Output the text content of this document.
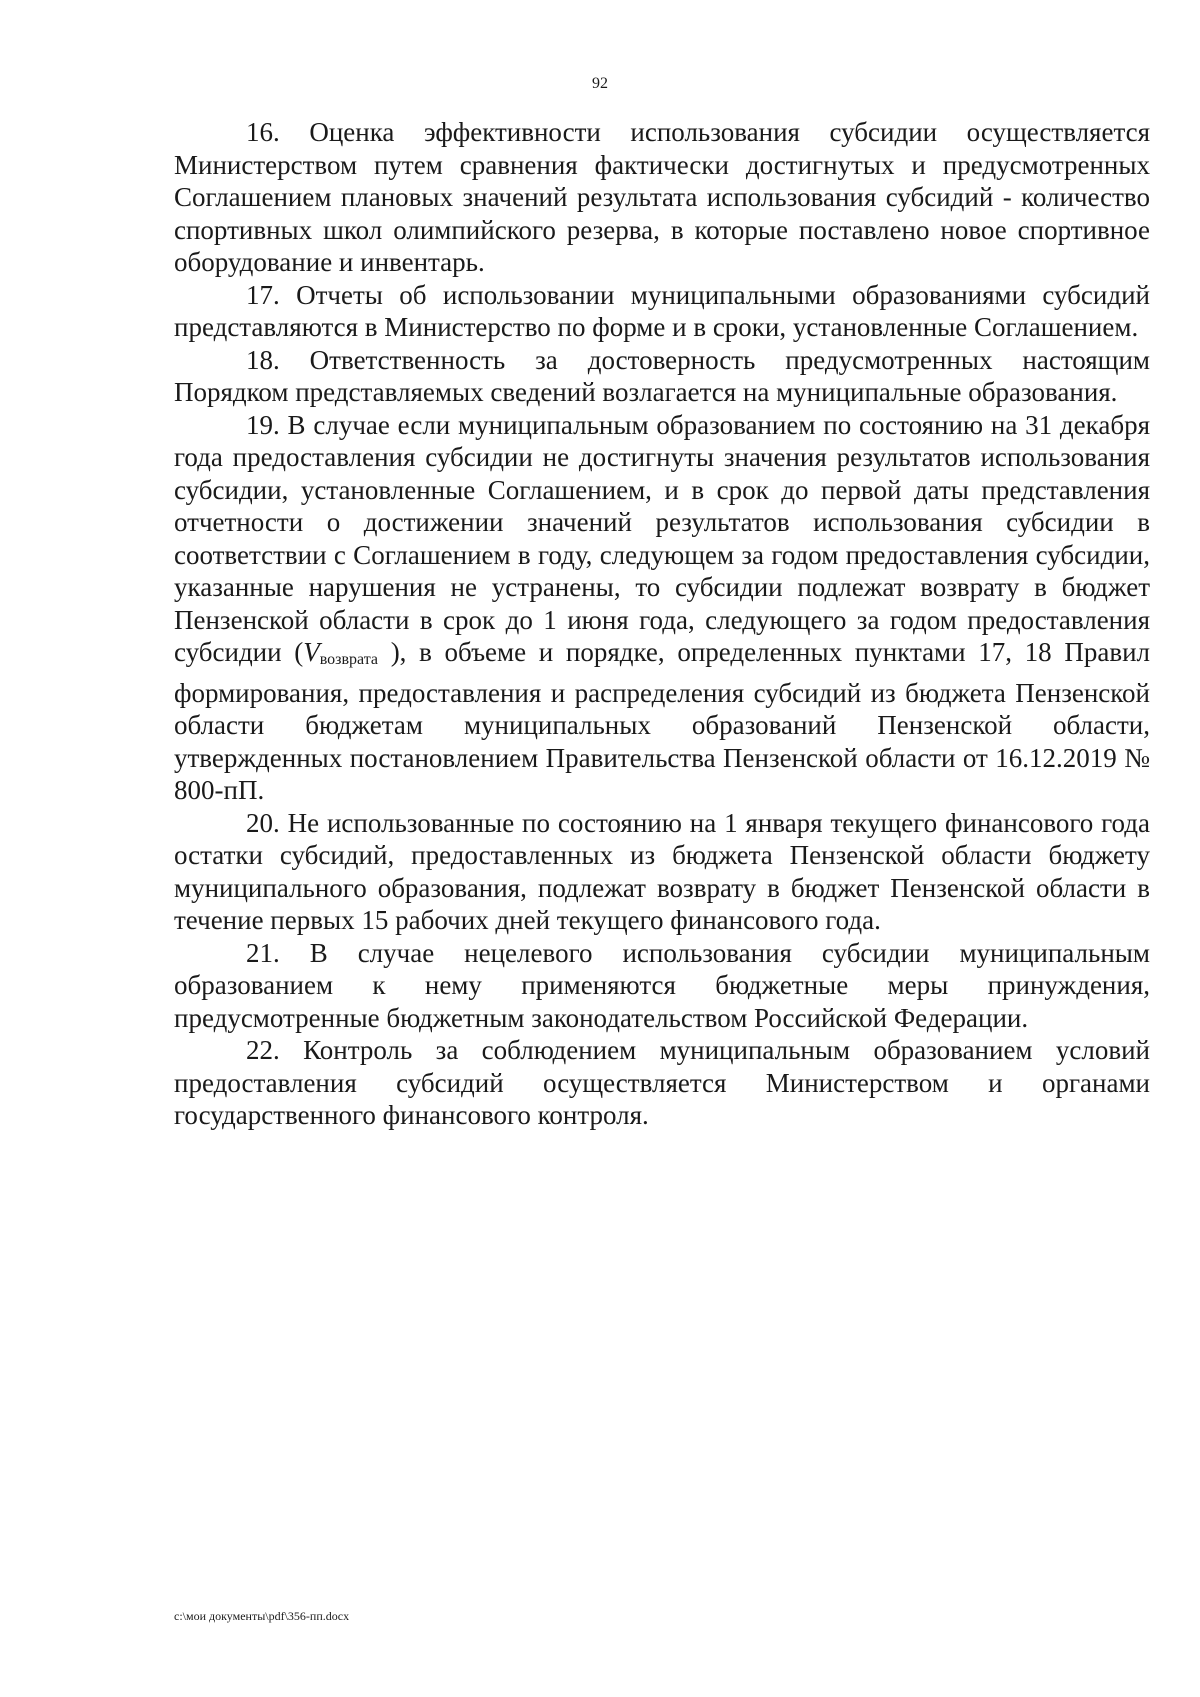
92

16. Оценка эффективности использования субсидии осуществляется Министерством путем сравнения фактически достигнутых и предусмотренных Соглашением плановых значений результата использования субсидий - количество спортивных школ олимпийского резерва, в которые поставлено новое спортивное оборудование и инвентарь.

17. Отчеты об использовании муниципальными образованиями субсидий представляются в Министерство по форме и в сроки, установленные Соглашением.

18. Ответственность за достоверность предусмотренных настоящим Порядком представляемых сведений возлагается на муниципальные образования.

19. В случае если муниципальным образованием по состоянию на 31 декабря года предоставления субсидии не достигнуты значения результатов использования субсидии, установленные Соглашением, и в срок до первой даты представления отчетности о достижении значений результатов использования субсидии в соответствии с Соглашением в году, следующем за годом предоставления субсидии, указанные нарушения не устранены, то субсидии подлежат возврату в бюджет Пензенской области в срок до 1 июня года, следующего за годом предоставления субсидии (Vвозврата ), в объеме и порядке, определенных пунктами 17, 18 Правил формирования, предоставления и распределения субсидий из бюджета Пензенской области бюджетам муниципальных образований Пензенской области, утвержденных постановлением Правительства Пензенской области от 16.12.2019 № 800-пП.

20. Не использованные по состоянию на 1 января текущего финансового года остатки субсидий, предоставленных из бюджета Пензенской области бюджету муниципального образования, подлежат возврату в бюджет Пензенской области в течение первых 15 рабочих дней текущего финансового года.

21. В случае нецелевого использования субсидии муниципальным образованием к нему применяются бюджетные меры принуждения, предусмотренные бюджетным законодательством Российской Федерации.

22. Контроль за соблюдением муниципальным образованием условий предоставления субсидий осуществляется Министерством и органами государственного финансового контроля.

c:\мои документы\pdf\356-пп.docx
